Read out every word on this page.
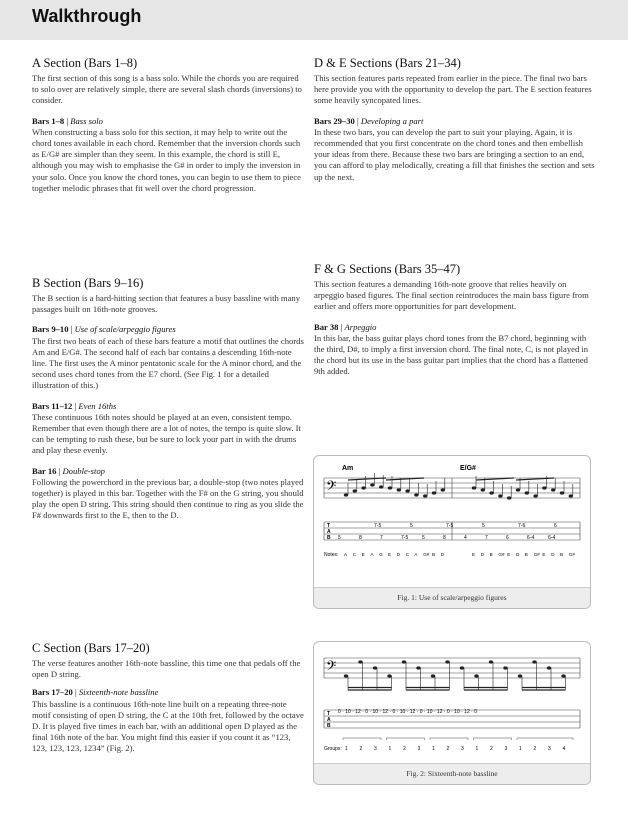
Walkthrough
A Section (Bars 1–8)

The first section of this song is a bass solo. While the chords you are required to solo over are relatively simple, there are several slash chords (inversions) to consider.

Bars 1–8 | Bass solo

When constructing a bass solo for this section, it may help to write out the chord tones available in each chord. Remember that the inversion chords such as E/G# are simpler than they seem. In this example, the chord is still E, although you may wish to emphasise the G# in order to imply the inversion in your solo. Once you know the chord tones, you can begin to use them to piece together melodic phrases that fit well over the chord progression.

B Section (Bars 9–16)

The B section is a hard-hitting section that features a busy bassline with many passages built on 16th-note grooves.

Bars 9–10 | Use of scale/arpeggio figures

The first two beats of each of these bars feature a motif that outlines the chords Am and E/G#. The second half of each bar contains a descending 16th-note line. The first uses the A minor pentatonic scale for the A minor chord, and the second uses chord tones from the E7 chord. (See Fig. 1 for a detailed illustration of this.)

Bars 11–12 | Even 16ths

These continuous 16th notes should be played at an even, consistent tempo. Remember that even though there are a lot of notes, the tempo is quite slow. It can be tempting to rush these, but be sure to lock your part in with the drums and play these evenly.

Bar 16 | Double-stop

Following the powerchord in the previous bar, a double-stop (two notes played together) is played in this bar. Together with the F# on the G string, you should play the open D string. This string should then continue to ring as you slide the F# downwards first to the E, then to the D.

C Section (Bars 17–20)

The verse features another 16th-note bassline, this time one that pedals off the open D string.

Bars 17–20 | Sixteenth-note bassline

This bassline is a continuous 16th-note line built on a repeating three-note motif consisting of open D string, the C at the 10th fret, followed by the octave D. It is played five times in each bar, with an additional open D played as the final 16th note of the bar. You might find this easier if you count it as “123, 123, 123, 123, 1234” (Fig. 2).

D & E Sections (Bars 21–34)

This section features parts repeated from earlier in the piece. The final two bars here provide you with the opportunity to develop the part. The E section features some heavily syncopated lines.

Bars 29–30 | Developing a part

In these two bars, you can develop the part to suit your playing. Again, it is recommended that you first concentrate on the chord tones and then embellish your ideas from there. Because these two bars are bringing a section to an end, you can afford to play melodically, creating a fill that finishes the section and sets up the next.

F & G Sections (Bars 35–47)

This section features a demanding 16th-note groove that relies heavily on arpeggio based figures. The final section reintroduces the main bass figure from earlier and offers more opportunities for part development.

Bar 38 | Arpeggio

In this bar, the bass guitar plays chord tones from the B7 chord, beginning with the third, D#, to imply a first inversion chord. The final note, C, is not played in the chord but its use in the bass guitar part implies that the chord has a flattened 9th added.

Am	E/G#
𝄢
T
A
B
7-5	5	7-5	5	7-6	6
5	8	7	7-5	5	8	4	7	6	6-4	6-4
Notes: A C E A G E D C A G# B D	E D B G# E D B G# E D B G#
Fig. 1: Use of scale/arpeggio figures
𝄢
T
A
B
0 · 10 · 12 · 0 · 10 · 12 · 0 · 10 · 12 · 0 · 10 · 12 · 0 · 10 · 12 · 0
Groups: 1 2 3 1 2 3 1 2 3 1 2 3 1 2 3 4
Fig. 2: Sixteenth-note bassline
